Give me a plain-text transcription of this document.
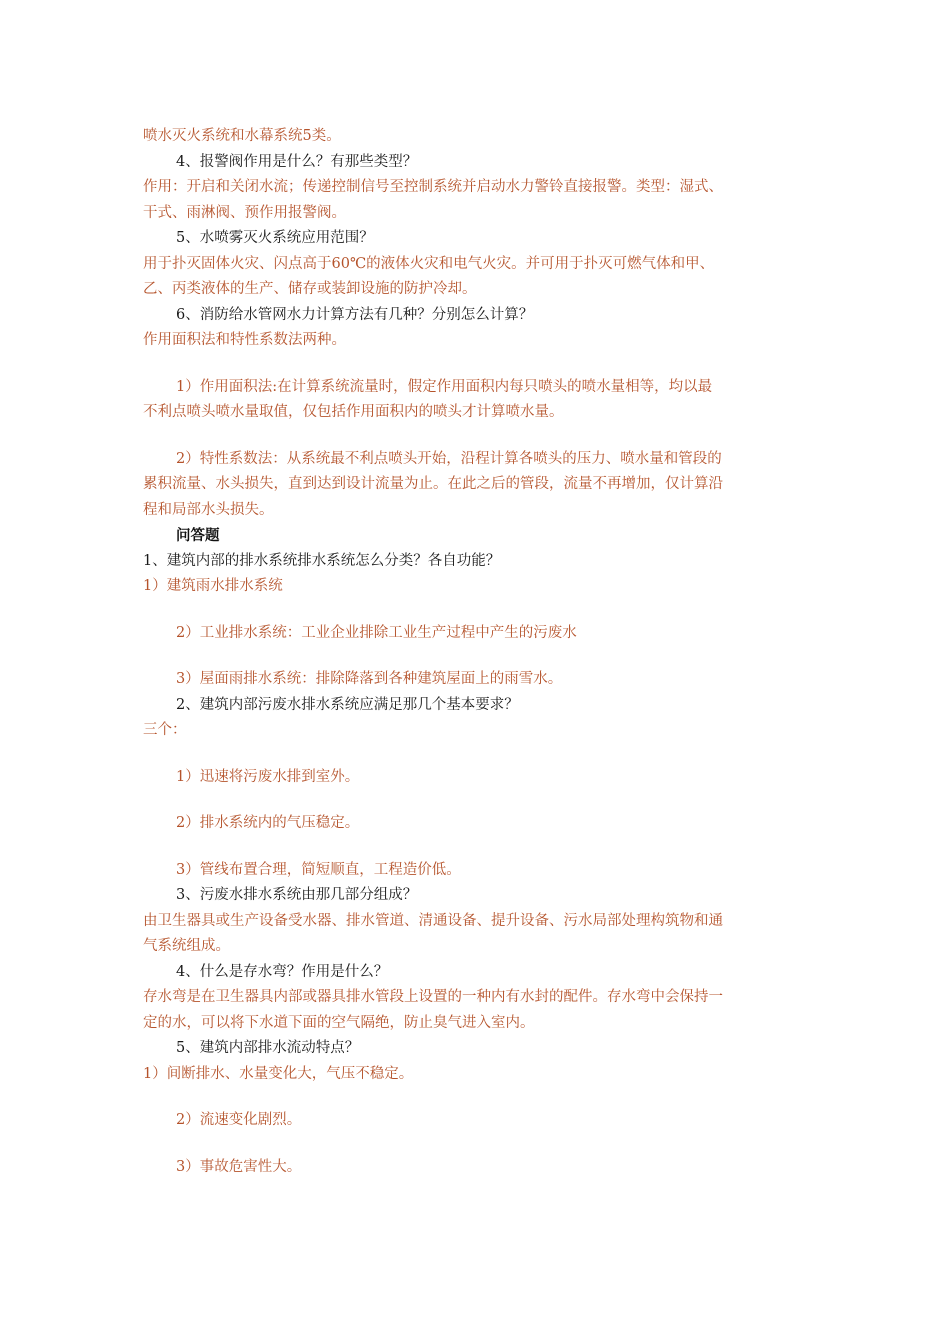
喷水灭火系统和水幕系统5类。

4、报警阀作用是什么？有那些类型？

作用：开启和关闭水流；传递控制信号至控制系统并启动水力警铃直接报警。类型：湿式、干式、雨淋阀、预作用报警阀。

5、水喷雾灭火系统应用范围？

用于扑灭固体火灾、闪点高于60℃的液体火灾和电气火灾。并可用于扑灭可燃气体和甲、乙、丙类液体的生产、储存或装卸设施的防护冷却。

6、消防给水管网水力计算方法有几种？分别怎么计算？

作用面积法和特性系数法两种。

1）作用面积法:在计算系统流量时，假定作用面积内每只喷头的喷水量相等，均以最不利点喷头喷水量取值，仅包括作用面积内的喷头才计算喷水量。

2）特性系数法：从系统最不利点喷头开始，沿程计算各喷头的压力、喷水量和管段的累积流量、水头损失，直到达到设计流量为止。在此之后的管段，流量不再增加，仅计算沿程和局部水头损失。

问答题

1、建筑内部的排水系统排水系统怎么分类？各自功能？

1）建筑雨水排水系统

2）工业排水系统：工业企业排除工业生产过程中产生的污废水

3）屋面雨排水系统：排除降落到各种建筑屋面上的雨雪水。

2、建筑内部污废水排水系统应满足那几个基本要求？

三个：

1）迅速将污废水排到室外。

2）排水系统内的气压稳定。

3）管线布置合理，简短顺直，工程造价低。

3、污废水排水系统由那几部分组成？

由卫生器具或生产设备受水器、排水管道、清通设备、提升设备、污水局部处理构筑物和通气系统组成。

4、什么是存水弯？作用是什么？

存水弯是在卫生器具内部或器具排水管段上设置的一种内有水封的配件。存水弯中会保持一定的水，可以将下水道下面的空气隔绝，防止臭气进入室内。

5、建筑内部排水流动特点？

1）间断排水、水量变化大，气压不稳定。

2）流速变化剧烈。

3）事故危害性大。
